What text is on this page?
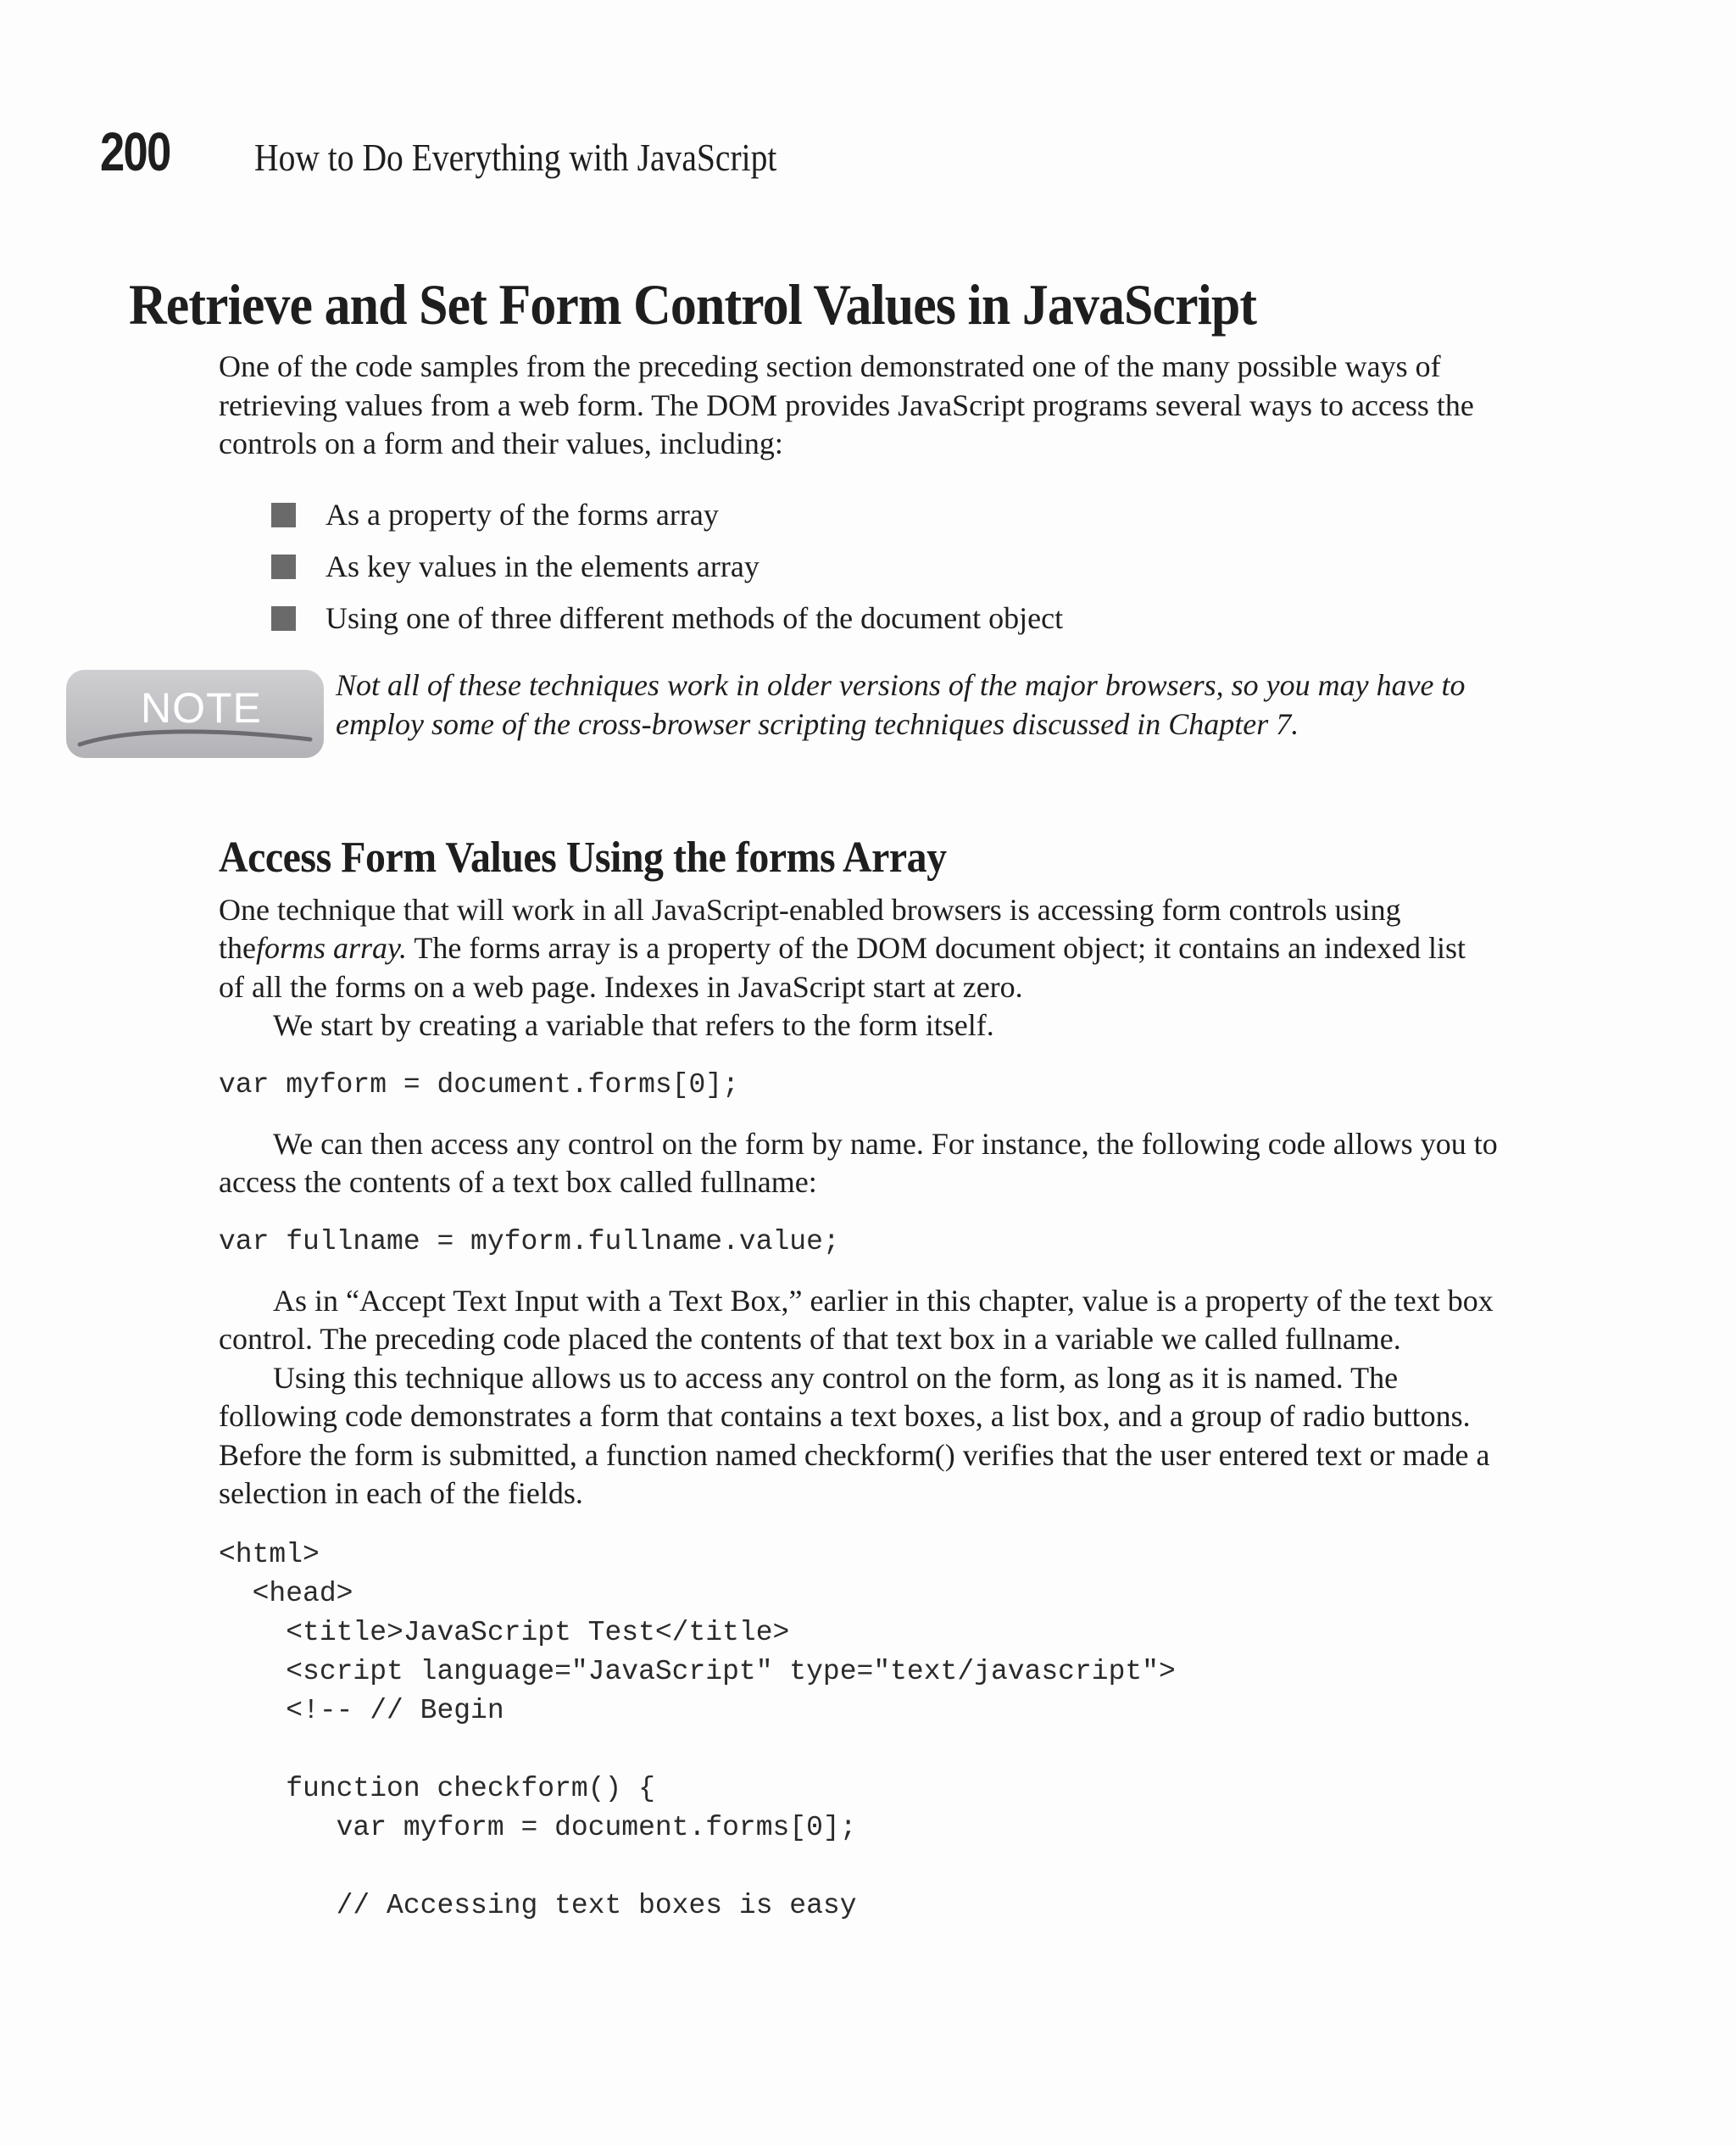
200	How to Do Everything with JavaScript
Retrieve and Set Form Control Values in JavaScript

One of the code samples from the preceding section demonstrated one of the many possible ways of retrieving values from a web form. The DOM provides JavaScript programs several ways to access the controls on a form and their values, including:

As a property of the forms array
As key values in the elements array
Using one of three different methods of the document object
Access Form Values Using the forms Array

One technique that will work in all JavaScript-enabled browsers is accessing form controls using theforms array. The forms array is a property of the DOM document object; it contains an indexed list of all the forms on a web page. Indexes in JavaScript start at zero.

We start by creating a variable that refers to the form itself.

var myform = document.forms[0];

We can then access any control on the form by name. For instance, the following code allows you to access the contents of a text box called fullname:

var fullname = myform.fullname.value;

As in “Accept Text Input with a Text Box,” earlier in this chapter, value is a property of the text box control. The preceding code placed the contents of that text box in a variable we called fullname.

Using this technique allows us to access any control on the form, as long as it is named. The following code demonstrates a form that contains a text boxes, a list box, and a group of radio buttons. Before the form is submitted, a function named checkform() verifies that the user entered text or made a selection in each of the fields.

<html>
<head>
<title>JavaScript Test</title>
<script language="JavaScript" type="text/javascript">
<!-- // Begin

function checkform() {
var myform = document.forms[0];

// Accessing text boxes is easy
NOTE Not all of these techniques work in older versions of the major browsers, so you may have to employ some of the cross-browser scripting techniques discussed in Chapter 7.
